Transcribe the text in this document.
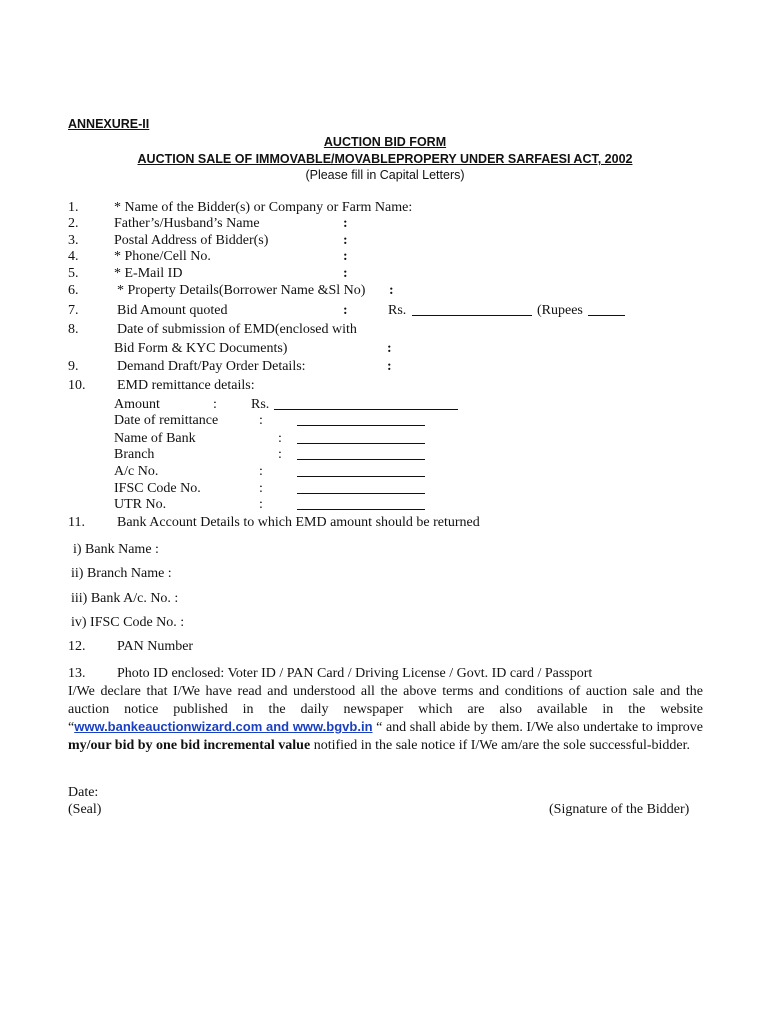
ANNEXURE-II
AUCTION BID FORM
AUCTION SALE OF IMMOVABLE/MOVABLEPROPERY UNDER SARFAESI ACT, 2002
(Please fill in Capital Letters)
1.	* Name of the Bidder(s) or Company or Farm Name:
2.	Father’s/Husband’s Name	:
3.	Postal Address of Bidder(s)	:
4.	* Phone/Cell No.	:
5.	* E-Mail ID	:
6.	* Property Details(Borrower Name &Sl No) :
7.	Bid Amount quoted	:	Rs.	(Rupees
8.	Date of submission of EMD(enclosed with
Bid Form & KYC Documents)	:
9.	Demand Draft/Pay Order Details:	:
10. EMD remittance details:
Amount	: Rs.
Date of remittance	:
Name of Bank	:
Branch	:
A/c No.	:
IFSC Code No.	:
UTR No.	:
11. Bank Account Details to which EMD amount should be returned
i) Bank Name :
ii) Branch Name :
iii) Bank A/c. No. :
iv) IFSC Code No. :
12. PAN Number
13. Photo ID enclosed: Voter ID / PAN Card / Driving License / Govt. ID card / Passport
I/We declare that I/We have read and understood all the above terms and conditions of auction sale and the auction notice published in the daily newspaper which are also available in the website “www.bankeauctionwizard.com and www.bgvb.in “ and shall abide by them. I/We also undertake to improve my/our bid by one bid incremental value notified in the sale notice if I/We am/are the sole successful-bidder.
Date:
(Seal)	(Signature of the Bidder)
